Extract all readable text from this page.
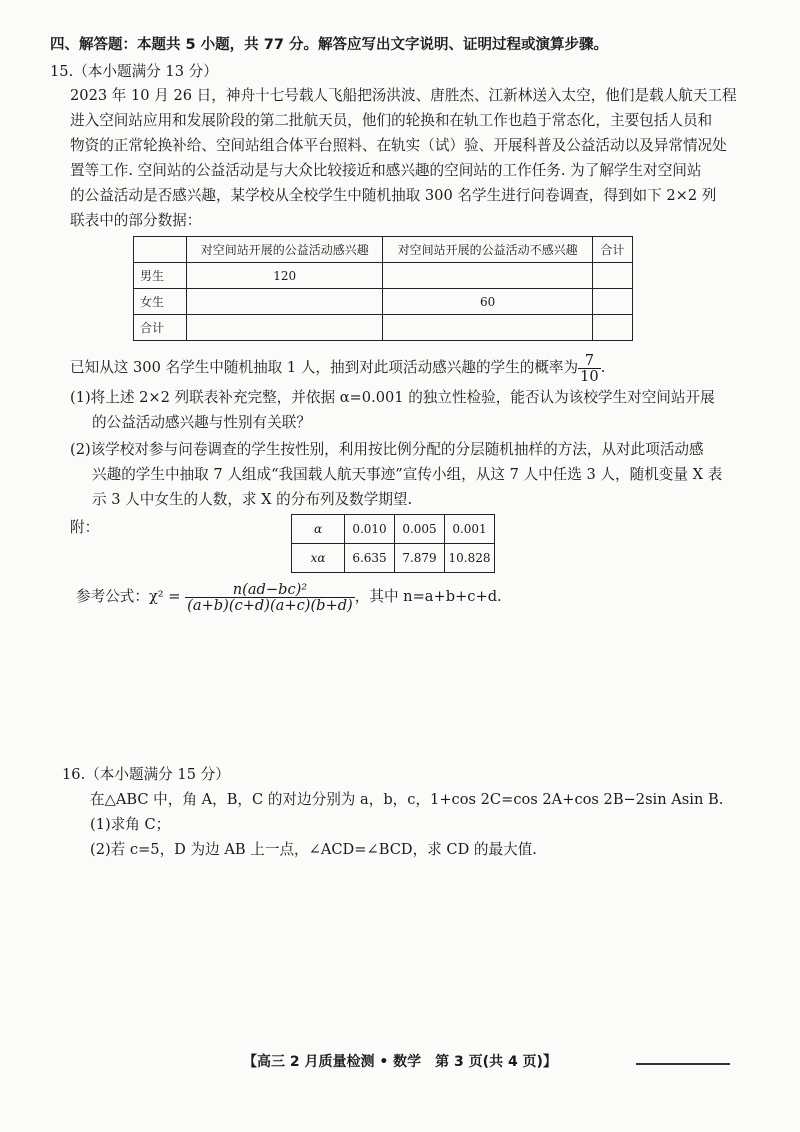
四、解答题：本题共 5 小题，共 77 分。解答应写出文字说明、证明过程或演算步骤。
15.（本小题满分 13 分）
2023 年 10 月 26 日，神舟十七号载人飞船把汤洪波、唐胜杰、江新林送入太空，他们是载人航天工程
进入空间站应用和发展阶段的第二批航天员，他们的轮换和在轨工作也趋于常态化，主要包括人员和
物资的正常轮换补给、空间站组合体平台照料、在轨实（试）验、开展科普及公益活动以及异常情况处
置等工作. 空间站的公益活动是与大众比较接近和感兴趣的空间站的工作任务. 为了解学生对空间站
的公益活动是否感兴趣，某学校从全校学生中随机抽取 300 名学生进行问卷调查，得到如下 2×2 列
联表中的部分数据：
	对空间站开展的公益活动感兴趣	对空间站开展的公益活动不感兴趣	合计
男生	120		
女生		60	
合计			
已知从这 300 名学生中随机抽取 1 人，抽到对此项活动感兴趣的学生的概率为 $\frac{7}{10}$ .
(1)将上述 2×2 列联表补充完整，并依据 α=0.001 的独立性检验，能否认为该校学生对空间站开展
的公益活动感兴趣与性别有关联？
(2)该学校对参与问卷调查的学生按性别，利用按比例分配的分层随机抽样的方法，从对此项活动感
兴趣的学生中抽取 7 人组成“我国载人航天事迹”宣传小组，从这 7 人中任选 3 人，随机变量 X 表
示 3 人中女生的人数，求 X 的分布列及数学期望.
附：	α	0.010	0.005	0.001
xα	6.635	7.879	10.828
参考公式：$\chi^2 = \frac{\text{n(ad−bc)²}}{(a+b)(c+d)(a+c)(b+d)}$ ，其中 n=a+b+c+d.
16.（本小题满分 15 分）
在△ABC 中，角 A，B，C 的对边分别为 a，b，c，1+cos 2C=cos 2A+cos 2B−2sin Asin B.
(1)求角 C；
(2)若 c=5，D 为边 AB 上一点，∠ACD=∠BCD，求 CD 的最大值.
【高三 2 月质量检测 • 数学　第 3 页(共 4 页)】
